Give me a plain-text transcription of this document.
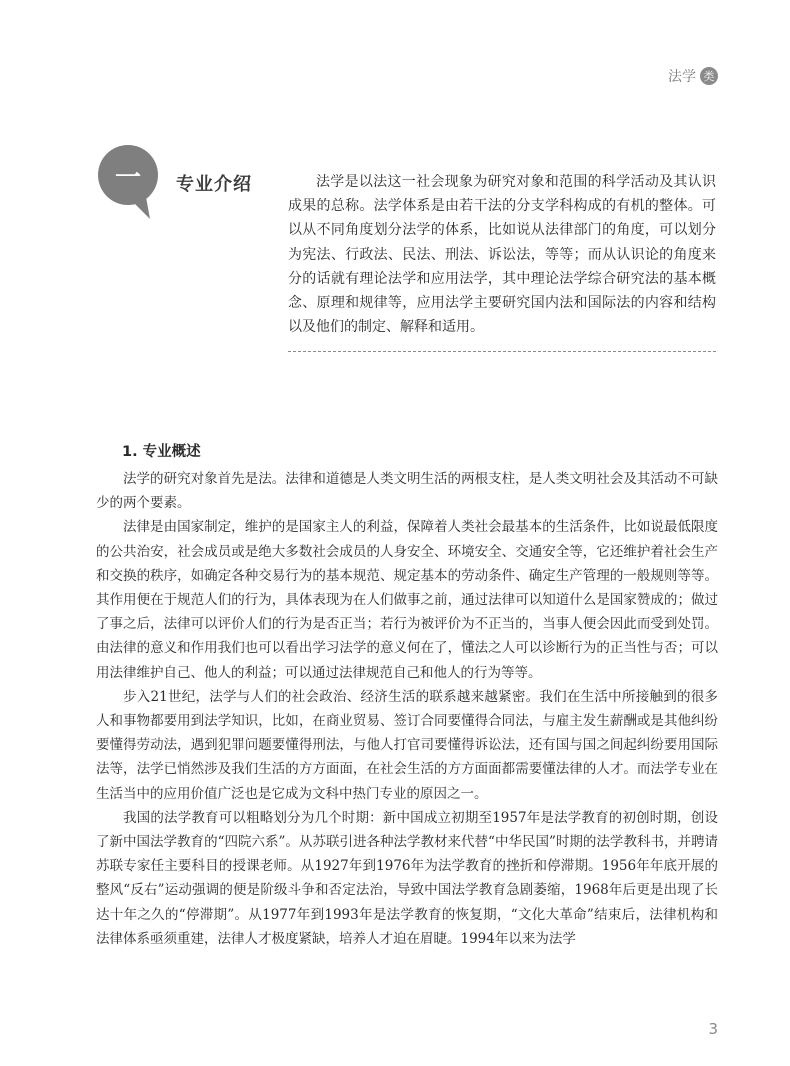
法学 类
一	专业介绍	法学是以法这一社会现象为研究对象和范围的科学活动及其认识成果的总称。法学体系是由若干法的分支学科构成的有机的整体。可以从不同角度划分法学的体系，比如说从法律部门的角度，可以划分为宪法、行政法、民法、刑法、诉讼法，等等；而从认识论的角度来分的话就有理论法学和应用法学，其中理论法学综合研究法的基本概念、原理和规律等，应用法学主要研究国内法和国际法的内容和结构以及他们的制定、解释和适用。

1. 专业概述

法学的研究对象首先是法。法律和道德是人类文明生活的两根支柱，是人类文明社会及其活动不可缺少的两个要素。

法律是由国家制定，维护的是国家主人的利益，保障着人类社会最基本的生活条件，比如说最低限度的公共治安，社会成员或是绝大多数社会成员的人身安全、环境安全、交通安全等，它还维护着社会生产和交换的秩序，如确定各种交易行为的基本规范、规定基本的劳动条件、确定生产管理的一般规则等等。其作用便在于规范人们的行为，具体表现为在人们做事之前，通过法律可以知道什么是国家赞成的；做过了事之后，法律可以评价人们的行为是否正当；若行为被评价为不正当的，当事人便会因此而受到处罚。由法律的意义和作用我们也可以看出学习法学的意义何在了，懂法之人可以诊断行为的正当性与否；可以用法律维护自己、他人的利益；可以通过法律规范自己和他人的行为等等。

步入21世纪，法学与人们的社会政治、经济生活的联系越来越紧密。我们在生活中所接触到的很多人和事物都要用到法学知识，比如，在商业贸易、签订合同要懂得合同法，与雇主发生薪酬或是其他纠纷要懂得劳动法，遇到犯罪问题要懂得刑法，与他人打官司要懂得诉讼法，还有国与国之间起纠纷要用国际法等，法学已悄然涉及我们生活的方方面面，在社会生活的方方面面都需要懂法律的人才。而法学专业在生活当中的应用价值广泛也是它成为文科中热门专业的原因之一。

我国的法学教育可以粗略划分为几个时期：新中国成立初期至1957年是法学教育的初创时期，创设了新中国法学教育的“四院六系”。从苏联引进各种法学教材来代替“中华民国”时期的法学教科书，并聘请苏联专家任主要科目的授课老师。从1927年到1976年为法学教育的挫折和停滞期。1956年年底开展的整风“反右”运动强调的便是阶级斗争和否定法治，导致中国法学教育急剧萎缩，1968年后更是出现了长达十年之久的“停滞期”。从1977年到1993年是法学教育的恢复期，“文化大革命”结束后，法律机构和法律体系亟须重建，法律人才极度紧缺，培养人才迫在眉睫。1994年以来为法学

3
